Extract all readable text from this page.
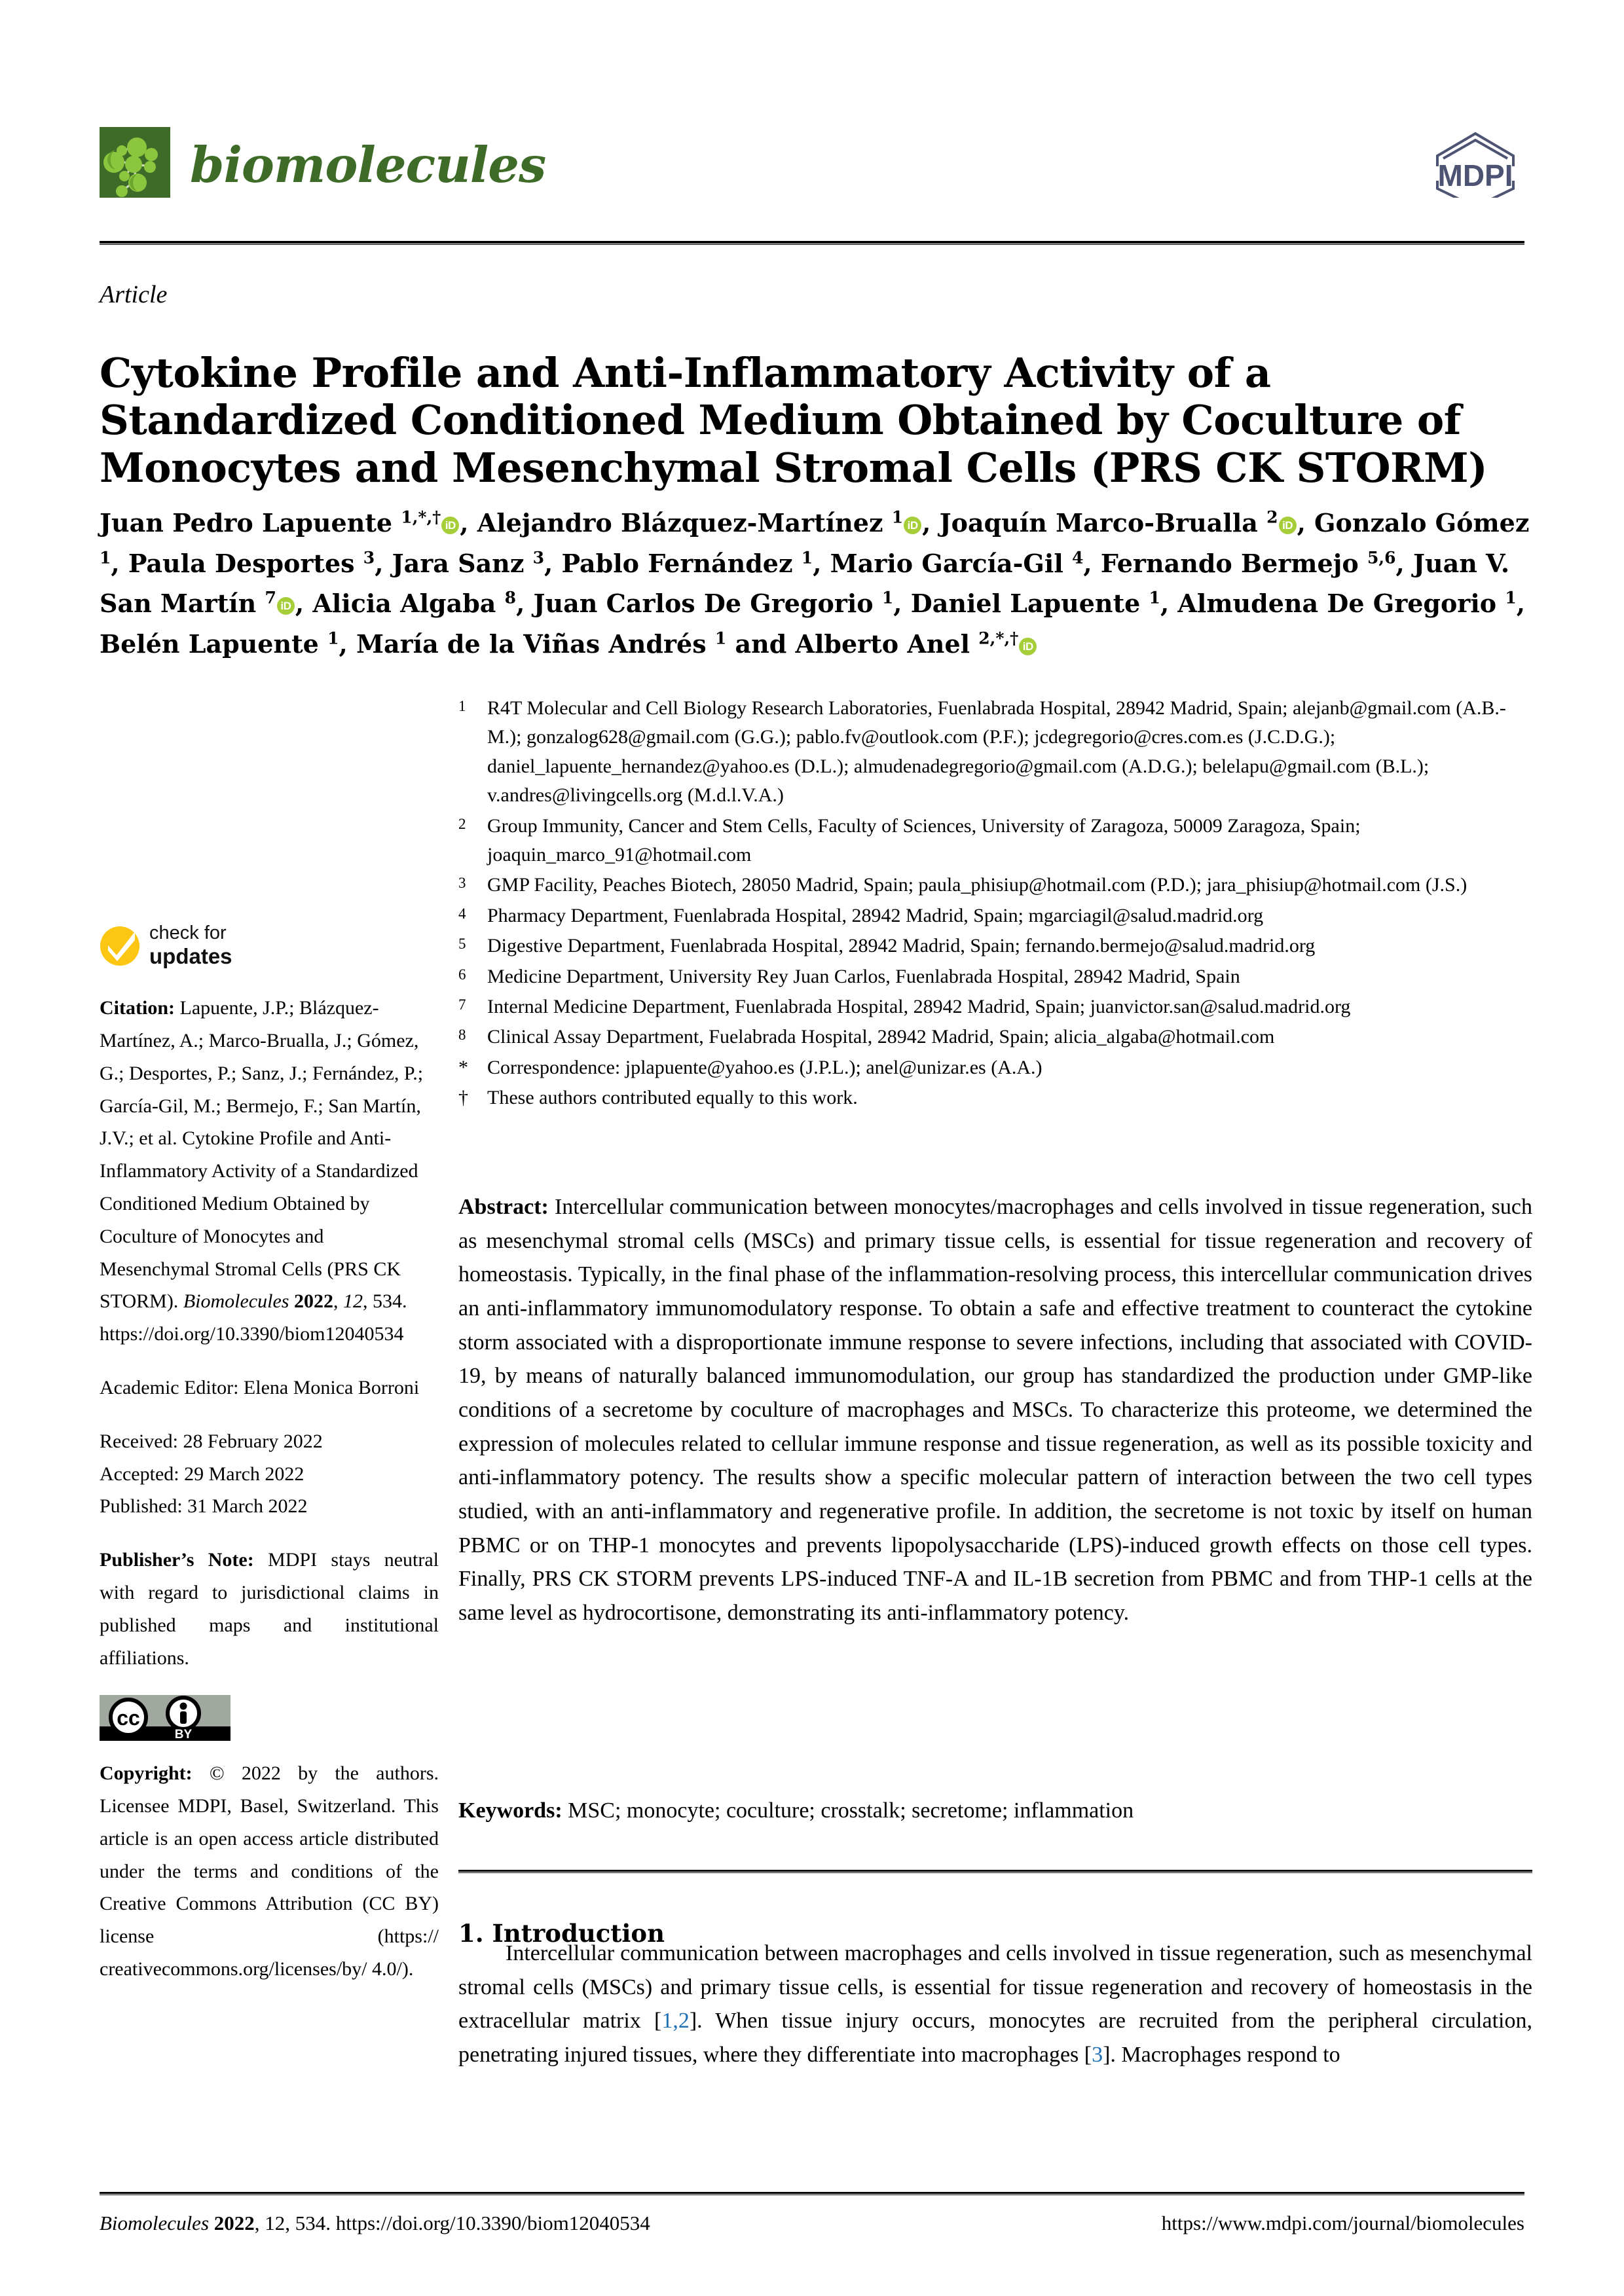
biomolecules	MDPI
Article
Cytokine Profile and Anti-Inflammatory Activity of a Standardized Conditioned Medium Obtained by Coculture of Monocytes and Mesenchymal Stromal Cells (PRS CK STORM)
Juan Pedro Lapuente $^{1,*,\dagger}$ iD , Alejandro Blázquez-Martínez $^1$ iD , Joaquín Marco-Brualla $^2$ iD , Gonzalo Gómez $^1$, Paula Desportes $^3$, Jara Sanz $^3$, Pablo Fernández $^1$, Mario García-Gil $^4$, Fernando Bermejo $^{5,6}$, Juan V. San Martín $^7$ iD , Alicia Algaba $^8$, Juan Carlos De Gregorio $^1$, Daniel Lapuente $^1$, Almudena De Gregorio $^1$, Belén Lapuente $^1$, María de la Viñas Andrés $^1$ and Alberto Anel $^{2,*,\dagger}$ iD
check for
updates
Citation: Lapuente, J.P.; Blázquez-Martínez, A.; Marco-Brualla, J.; Gómez, G.; Desportes, P.; Sanz, J.; Fernández, P.; García-Gil, M.; Bermejo, F.; San Martín, J.V.; et al. Cytokine Profile and Anti-Inflammatory Activity of a Standardized Conditioned Medium Obtained by Coculture of Monocytes and Mesenchymal Stromal Cells (PRS CK STORM). Biomolecules 2022, 12, 534. https://doi.org/10.3390/biom12040534
Academic Editor: Elena Monica Borroni
Received: 28 February 2022
Accepted: 29 March 2022
Published: 31 March 2022
Publisher’s Note: MDPI stays neutral with regard to jurisdictional claims in published maps and institutional affiliations.
cc
BY
Copyright: © 2022 by the authors. Licensee MDPI, Basel, Switzerland. This article is an open access article distributed under the terms and conditions of the Creative Commons Attribution (CC BY) license (https:// creativecommons.org/licenses/by/ 4.0/).
1	R4T Molecular and Cell Biology Research Laboratories, Fuenlabrada Hospital, 28942 Madrid, Spain; alejanb@gmail.com (A.B.-M.); gonzalog628@gmail.com (G.G.); pablo.fv@outlook.com (P.F.); jcdegregorio@cres.com.es (J.C.D.G.); daniel_lapuente_hernandez@yahoo.es (D.L.); almudenadegregorio@gmail.com (A.D.G.); belelapu@gmail.com (B.L.); v.andres@livingcells.org (M.d.l.V.A.)
2	Group Immunity, Cancer and Stem Cells, Faculty of Sciences, University of Zaragoza, 50009 Zaragoza, Spain; joaquin_marco_91@hotmail.com
3	GMP Facility, Peaches Biotech, 28050 Madrid, Spain; paula_phisiup@hotmail.com (P.D.); jara_phisiup@hotmail.com (J.S.)
4	Pharmacy Department, Fuenlabrada Hospital, 28942 Madrid, Spain; mgarciagil@salud.madrid.org
5	Digestive Department, Fuenlabrada Hospital, 28942 Madrid, Spain; fernando.bermejo@salud.madrid.org
6	Medicine Department, University Rey Juan Carlos, Fuenlabrada Hospital, 28942 Madrid, Spain
7	Internal Medicine Department, Fuenlabrada Hospital, 28942 Madrid, Spain; juanvictor.san@salud.madrid.org
8	Clinical Assay Department, Fuelabrada Hospital, 28942 Madrid, Spain; alicia_algaba@hotmail.com
* Correspondence: jplapuente@yahoo.es (J.P.L.); anel@unizar.es (A.A.)
† These authors contributed equally to this work.
Abstract: Intercellular communication between monocytes/macrophages and cells involved in tissue regeneration, such as mesenchymal stromal cells (MSCs) and primary tissue cells, is essential for tissue regeneration and recovery of homeostasis. Typically, in the final phase of the inflammation-resolving process, this intercellular communication drives an anti-inflammatory immunomodulatory response. To obtain a safe and effective treatment to counteract the cytokine storm associated with a disproportionate immune response to severe infections, including that associated with COVID-19, by means of naturally balanced immunomodulation, our group has standardized the production under GMP-like conditions of a secretome by coculture of macrophages and MSCs. To characterize this proteome, we determined the expression of molecules related to cellular immune response and tissue regeneration, as well as its possible toxicity and anti-inflammatory potency. The results show a specific molecular pattern of interaction between the two cell types studied, with an anti-inflammatory and regenerative profile. In addition, the secretome is not toxic by itself on human PBMC or on THP-1 monocytes and prevents lipopolysaccharide (LPS)-induced growth effects on those cell types. Finally, PRS CK STORM prevents LPS-induced TNF-A and IL-1B secretion from PBMC and from THP-1 cells at the same level as hydrocortisone, demonstrating its anti-inflammatory potency.
Keywords: MSC; monocyte; coculture; crosstalk; secretome; inflammation
1. Introduction
Intercellular communication between macrophages and cells involved in tissue regeneration, such as mesenchymal stromal cells (MSCs) and primary tissue cells, is essential for tissue regeneration and recovery of homeostasis in the extracellular matrix [1,2]. When tissue injury occurs, monocytes are recruited from the peripheral circulation, penetrating injured tissues, where they differentiate into macrophages [3]. Macrophages respond to
Biomolecules 2022, 12, 534. https://doi.org/10.3390/biom12040534	https://www.mdpi.com/journal/biomolecules
